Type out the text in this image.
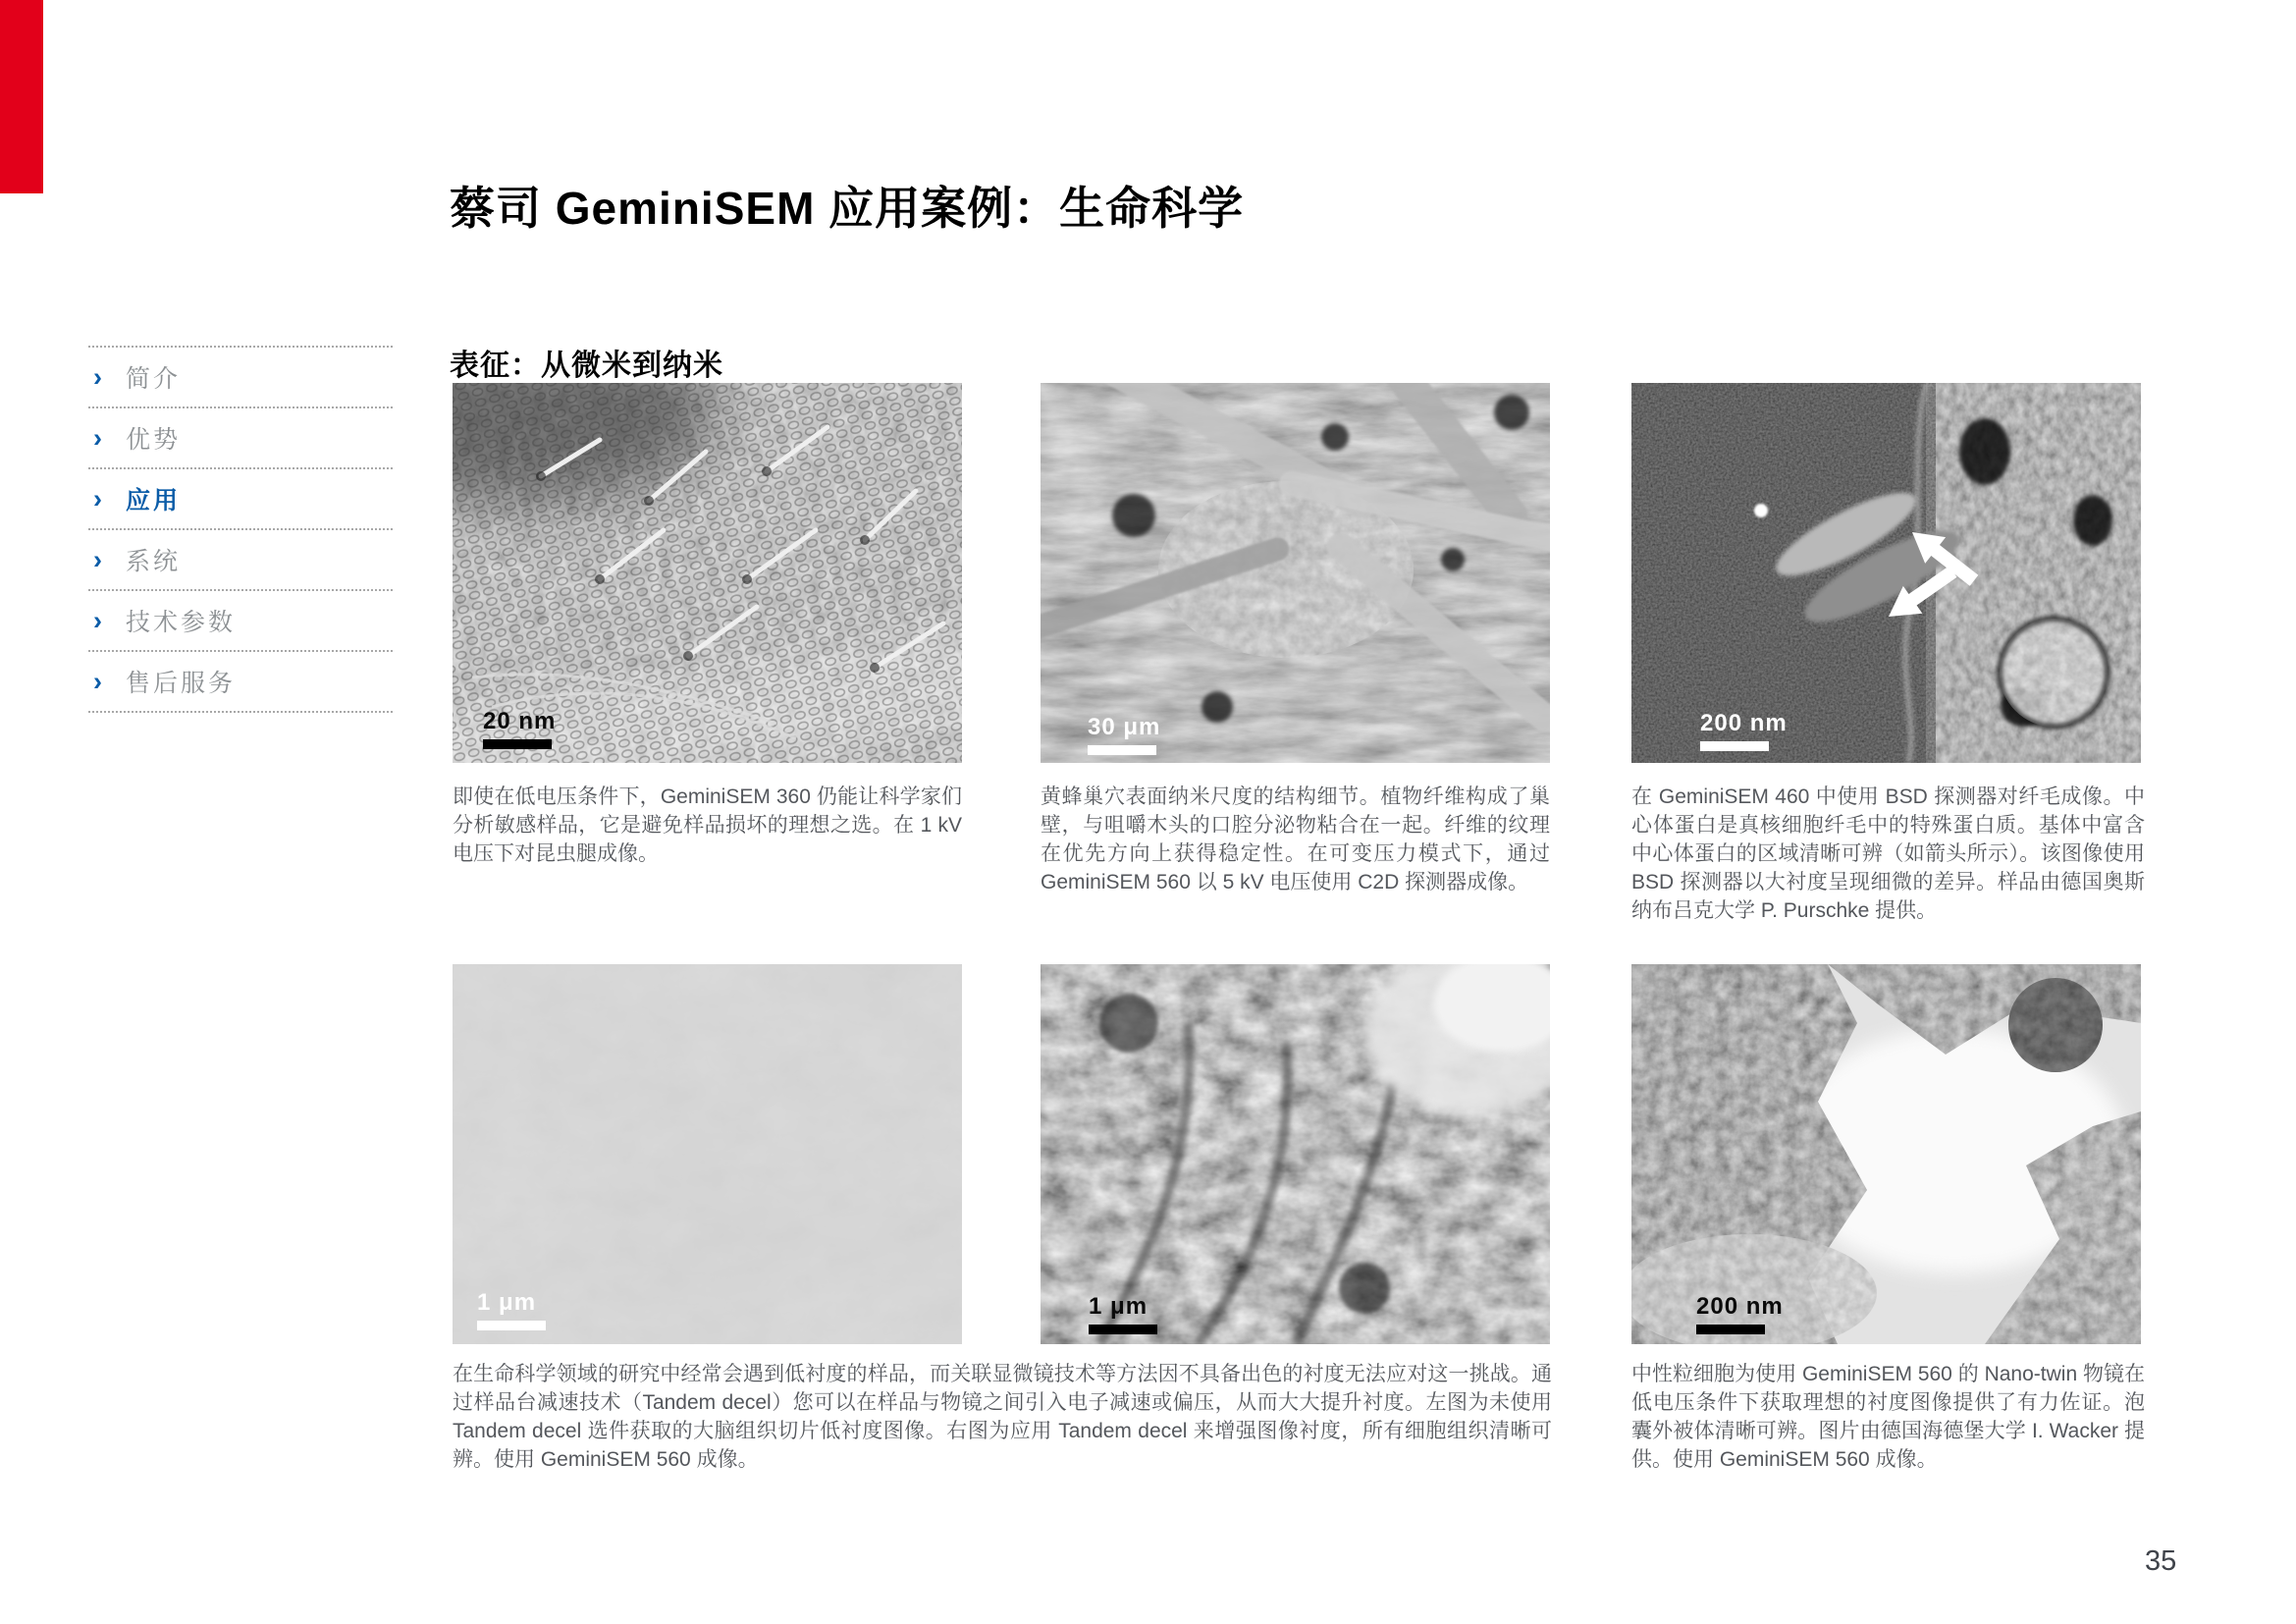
蔡司 GeminiSEM 应用案例：生命科学
› 简介
› 优势
› 应用
› 系统
› 技术参数
› 售后服务
表征：从微米到纳米
20 nm	30 μm	200 nm
1 μm	1 μm	200 nm
即使在低电压条件下，GeminiSEM 360 仍能让科学家们分析敏感样品，它是避免样品损坏的理想之选。在 1 kV 电压下对昆虫腿成像。
黄蜂巢穴表面纳米尺度的结构细节。植物纤维构成了巢壁，与咀嚼木头的口腔分泌物粘合在一起。纤维的纹理在优先方向上获得稳定性。在可变压力模式下，通过 GeminiSEM 560 以 5 kV 电压使用 C2D 探测器成像。
在 GeminiSEM 460 中使用 BSD 探测器对纤毛成像。中心体蛋白是真核细胞纤毛中的特殊蛋白质。基体中富含中心体蛋白的区域清晰可辨（如箭头所示）。该图像使用 BSD 探测器以大衬度呈现细微的差异。样品由德国奥斯纳布吕克大学 P. Purschke 提供。
在生命科学领域的研究中经常会遇到低衬度的样品，而关联显微镜技术等方法因不具备出色的衬度无法应对这一挑战。通过样品台减速技术（Tandem decel）您可以在样品与物镜之间引入电子减速或偏压，从而大大提升衬度。左图为未使用 Tandem decel 选件获取的大脑组织切片低衬度图像。右图为应用 Tandem decel 来增强图像衬度，所有细胞组织清晰可辨。使用 GeminiSEM 560 成像。
中性粒细胞为使用 GeminiSEM 560 的 Nano-twin 物镜在低电压条件下获取理想的衬度图像提供了有力佐证。泡囊外被体清晰可辨。图片由德国海德堡大学 I. Wacker 提供。使用 GeminiSEM 560 成像。
35
